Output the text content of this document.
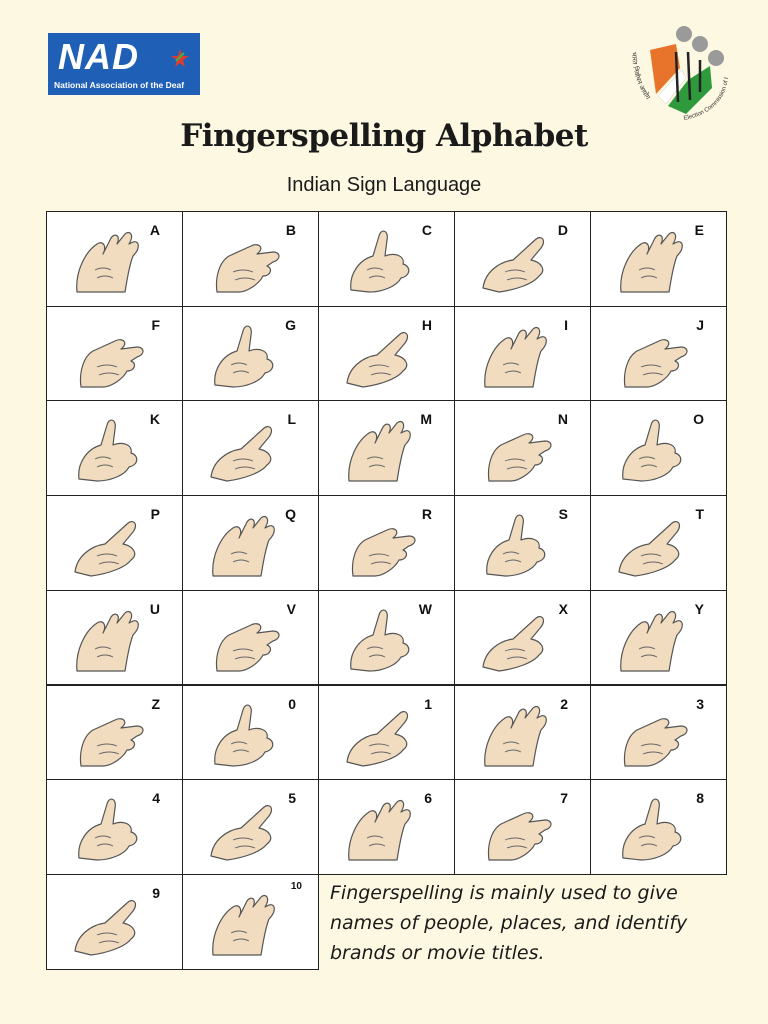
NAD
National Association of the Deaf
भारत निर्वाचन आयोग
Election Commission of I
Fingerspelling Alphabet
Indian Sign Language
A	B	C	D	E
F	G	H	I	J
K	L	M	N	O
P	Q	R	S	T
U	V	W	X	Y
Z	0	1	2	3
4	5	6	7	8
9	10 Fingerspelling is mainly used to give names of people, places, and identify brands or movie titles.
